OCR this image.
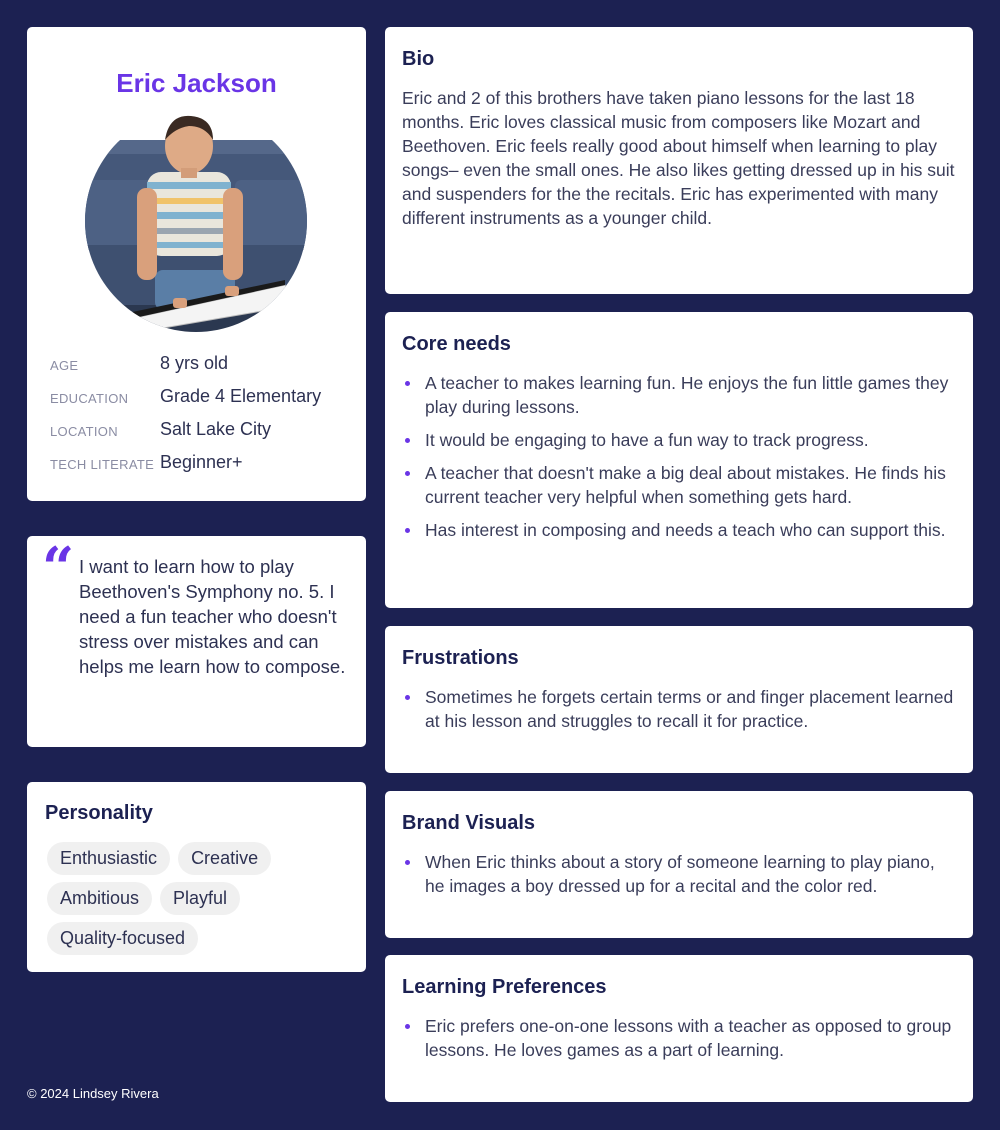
Eric Jackson
AGE	8 yrs old
EDUCATION Grade 4 Elementary
LOCATION Salt Lake City
TECH LITERATE Beginner+
“ I want to learn how to play Beethoven's Symphony no. 5. I need a fun teacher who doesn't stress over mistakes and can helps me learn how to compose.
Personality
Enthusiastic	Creative
Ambitious	Playful
Quality-focused
Bio
Eric and 2 of this brothers have taken piano lessons for the last 18 months. Eric loves classical music from composers like Mozart and Beethoven. Eric feels really good about himself when learning to play songs– even the small ones. He also likes getting dressed up in his suit and suspenders for the the recitals. Eric has experimented with many different instruments as a younger child.
Core needs
A teacher to makes learning fun. He enjoys the fun little games they play during lessons.
It would be engaging to have a fun way to track progress.
A teacher that doesn't make a big deal about mistakes. He finds his current teacher very helpful when something gets hard.
Has interest in composing and needs a teach who can support this.
Frustrations
Sometimes he forgets certain terms or and finger placement learned at his lesson and struggles to recall it for practice.
Brand Visuals
When Eric thinks about a story of someone learning to play piano, he images a boy dressed up for a recital and the color red.
Learning Preferences
Eric prefers one-on-one lessons with a teacher as opposed to group lessons. He loves games as a part of learning.
© 2024 Lindsey Rivera
